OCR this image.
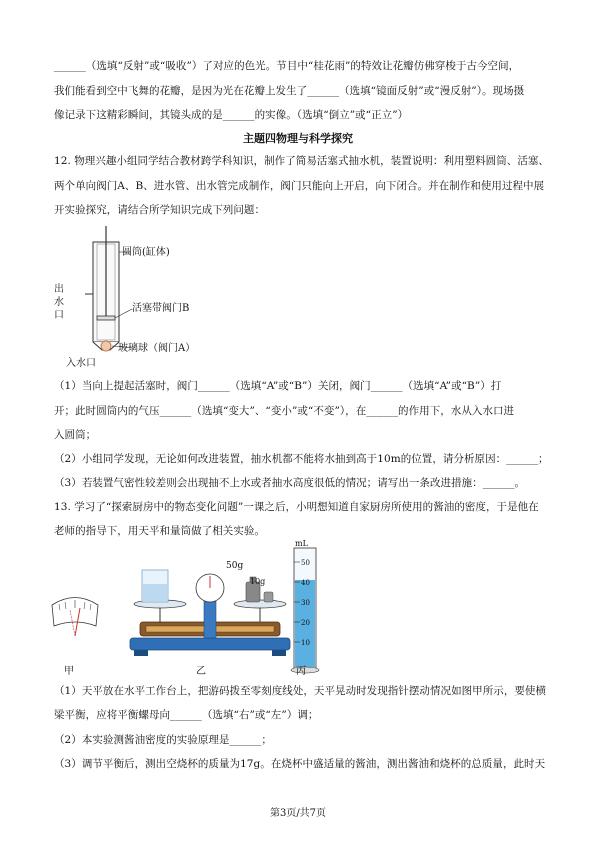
______（选填“反射”或“吸收”）了对应的色光。节目中“桂花雨”的特效让花瓣仿佛穿梭于古今空间，

我们能看到空中飞舞的花瓣，是因为光在花瓣上发生了______（选填“镜面反射”或“漫反射”）。现场摄

像记录下这精彩瞬间，其镜头成的是______的实像。（选填“倒立”或“正立”）

主题四物理与科学探究

12. 物理兴趣小组同学结合教材跨学科知识，制作了简易活塞式抽水机，装置说明：利用塑料圆筒、活塞、

两个单向阀门A、B、进水管、出水管完成制作，阀门只能向上开启，向下闭合。并在制作和使用过程中展

开实验探究，请结合所学知识完成下列问题：

圆筒(缸体)
出
水
口
活塞带阀门B
玻璃球（阀门A）
入水口

（1）当向上提起活塞时，阀门______（选填“A”或“B”）关闭，阀门______（选填“A”或“B”）打

开；此时圆筒内的气压______（选填“变大”、“变小”或“不变”），在______的作用下，水从入水口进

入圆筒；

（2）小组同学发现，无论如何改进装置，抽水机都不能将水抽到高于10m的位置，请分析原因：______；

（3）若装置气密性较差则会出现抽不上水或者抽水高度很低的情况；请写出一条改进措施：______。

13. 学习了“探索厨房中的物态变化问题”一课之后，小明想知道自家厨房所使用的酱油的密度，于是他在

老师的指导下，用天平和量筒做了相关实验。

50g
10g
mL
50
40
30
20
10
甲	乙	丙

（1）天平放在水平工作台上，把游码拨至零刻度线处，天平晃动时发现指针摆动情况如图甲所示，要使横

梁平衡，应将平衡螺母向______（选填“右”或“左”）调；

（2）本实验测酱油密度的实验原理是______；

（3）调节平衡后，测出空烧杯的质量为17g。在烧杯中盛适量的酱油，测出酱油和烧杯的总质量，此时天

第3页/共7页
